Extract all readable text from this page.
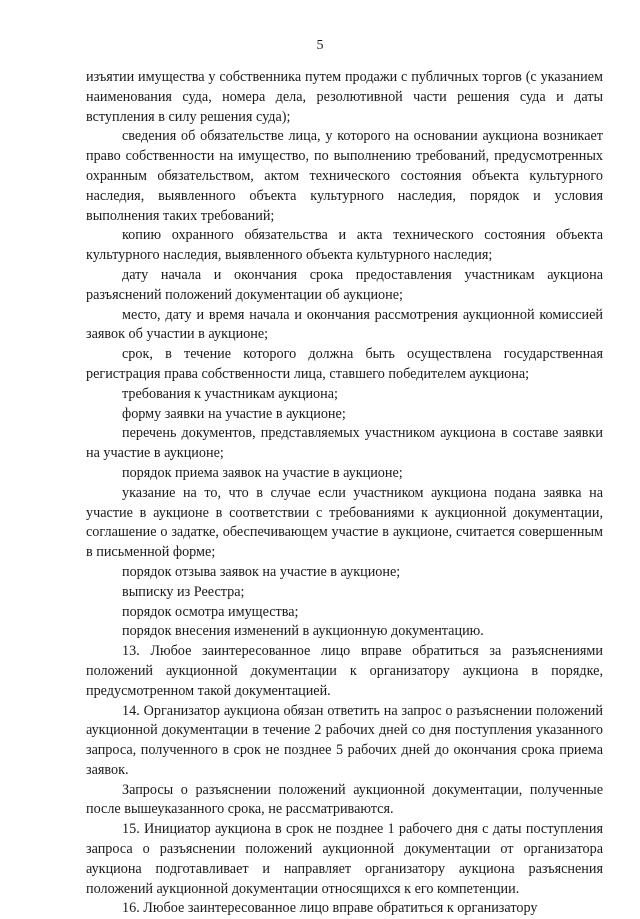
5

изъятии имущества у собственника путем продажи с публичных торгов (с указанием наименования суда, номера дела, резолютивной части решения суда и даты вступления в силу решения суда);

сведения об обязательстве лица, у которого на основании аукциона возникает право собственности на имущество, по выполнению требований, предусмотренных охранным обязательством, актом технического состояния объекта культурного наследия, выявленного объекта культурного наследия, порядок и условия выполнения таких требований;

копию охранного обязательства и акта технического состояния объекта культурного наследия, выявленного объекта культурного наследия;

дату начала и окончания срока предоставления участникам аукциона разъяснений положений документации об аукционе;

место, дату и время начала и окончания рассмотрения аукционной комиссией заявок об участии в аукционе;

срок, в течение которого должна быть осуществлена государственная регистрация права собственности лица, ставшего победителем аукциона;

требования к участникам аукциона;

форму заявки на участие в аукционе;

перечень документов, представляемых участником аукциона в составе заявки на участие в аукционе;

порядок приема заявок на участие в аукционе;

указание на то, что в случае если участником аукциона подана заявка на участие в аукционе в соответствии с требованиями к аукционной документации, соглашение о задатке, обеспечивающем участие в аукционе, считается совершенным в письменной форме;

порядок отзыва заявок на участие в аукционе;

выписку из Реестра;

порядок осмотра имущества;

порядок внесения изменений в аукционную документацию.

13. Любое заинтересованное лицо вправе обратиться за разъяснениями положений аукционной документации к организатору аукциона в порядке, предусмотренном такой документацией.

14. Организатор аукциона обязан ответить на запрос о разъяснении положений аукционной документации в течение 2 рабочих дней со дня поступления указанного запроса, полученного в срок не позднее 5 рабочих дней до окончания срока приема заявок.

Запросы о разъяснении положений аукционной документации, полученные после вышеуказанного срока, не рассматриваются.

15. Инициатор аукциона в срок не позднее 1 рабочего дня с даты поступления запроса о разъяснении положений аукционной документации от организатора аукциона подготавливает и направляет организатору аукциона разъяснения положений аукционной документации относящихся к его компетенции.

16. Любое заинтересованное лицо вправе обратиться к организатору
